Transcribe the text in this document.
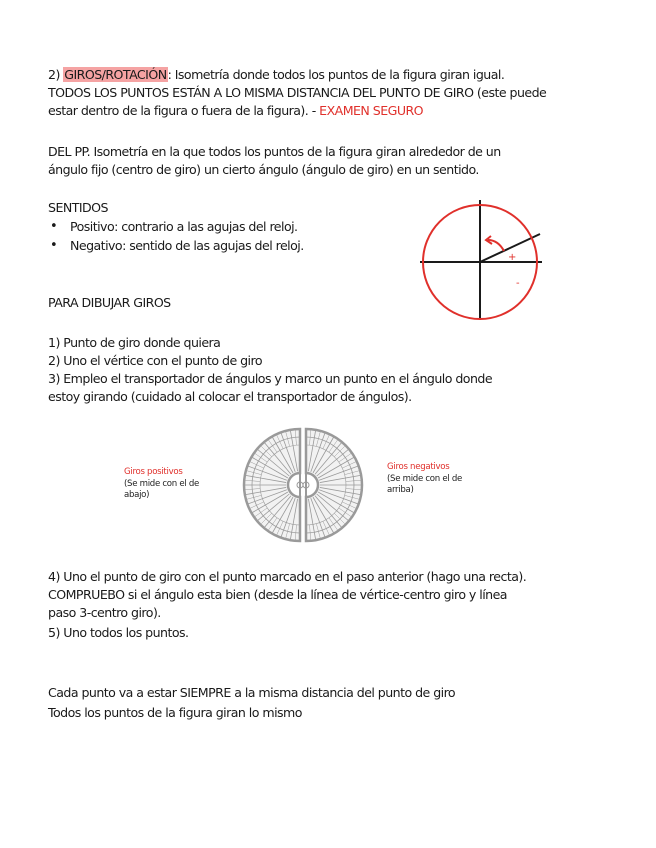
2) GIROS/ROTACIÓN: Isometría donde todos los puntos de la figura giran igual.

TODOS LOS PUNTOS ESTÁN A LO MISMA DISTANCIA DEL PUNTO DE GIRO (este puede

estar dentro de la figura o fuera de la figura). - EXAMEN SEGURO

DEL PP. Isometría en la que todos los puntos de la figura giran alrededor de un

ángulo fijo (centro de giro) un cierto ángulo (ángulo de giro) en un sentido.

SENTIDOS

• Positivo: contrario a las agujas del reloj.
• Negativo: sentido de las agujas del reloj.
+
-

PARA DIBUJAR GIROS

1) Punto de giro donde quiera

2) Uno el vértice con el punto de giro

3) Empleo el transportador de ángulos y marco un punto en el ángulo donde

estoy girando (cuidado al colocar el transportador de ángulos).

Giros positivos
(Se mide con el de
abajo)
Giros negativos
(Se mide con el de
arriba)

4) Uno el punto de giro con el punto marcado en el paso anterior (hago una recta).

COMPRUEBO si el ángulo esta bien (desde la línea de vértice-centro giro y línea

paso 3-centro giro).

5) Uno todos los puntos.

Cada punto va a estar SIEMPRE a la misma distancia del punto de giro

Todos los puntos de la figura giran lo mismo
